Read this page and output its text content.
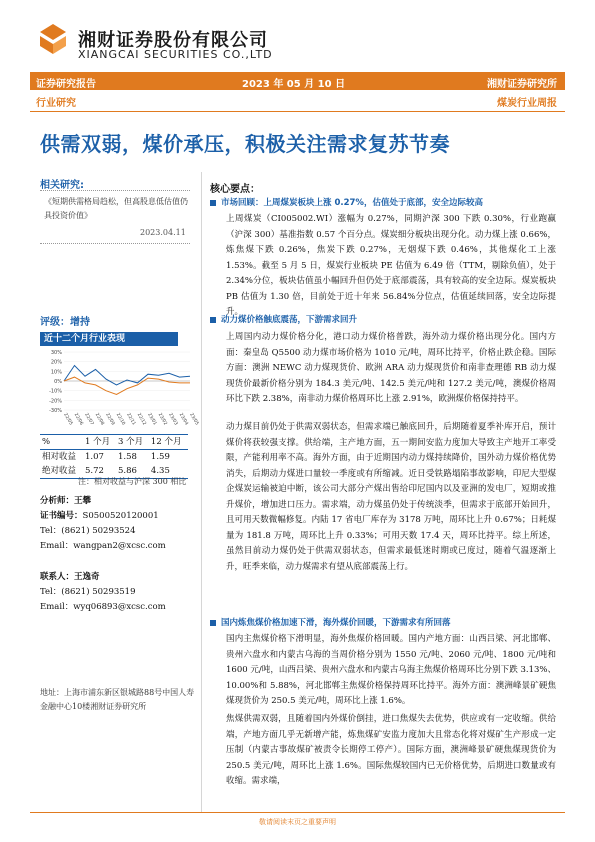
湘财证券股份有限公司
XIANGCAI SECURITIES CO.,LTD
证券研究报告	2023 年 05 月 10 日	湘财证券研究所
行业研究	煤炭行业周报
供需双弱，煤价承压，积极关注需求复苏节奏
相关研究:
《短期供需格局趋松，但高股息低估值仍具投资价值》
2023.04.11
评级：增持
近十二个月行业表现
30%
20%
10%
0%
-10%
-20%
-30%
22/05 22/06 22/07 22/08 22/09 22/10 22/11 22/12 23/01 23/02 23/03 23/04 23/05
%	1 个月	3 个月	12 个月
相对收益	1.07	1.58	1.59
绝对收益	5.72	5.86	4.35
注：相对收益与沪深 300 相比
分析师：王攀
证书编号：S0500520120001
Tel：(8621) 50293524
Email：wangpan2@xcsc.com
联系人：王逸奇
Tel：(8621) 50293519
Email：wyq06893@xcsc.com
地址：上海市浦东新区银城路88号中国人寿金融中心10楼湘财证券研究所
核心要点：
市场回顾：上周煤炭板块上涨 0.27%，估值处于底部，安全边际较高
上周煤炭（CI005002.WI）涨幅为 0.27%，同期沪深 300 下跌 0.30%，行业跑赢（沪深 300）基准指数 0.57 个百分点。煤炭细分板块出现分化。动力煤上涨 0.66%，炼焦煤下跌 0.26%，焦炭下跌 0.27%，无烟煤下跌 0.46%，其他煤化工上涨 1.53%。截至 5 月 5 日，煤炭行业板块 PE 估值为 6.49 倍（TTM，剔除负值），处于 2.34%分位，板块估值虽小幅回升但仍处于底部震荡，具有较高的安全边际。煤炭板块 PB 估值为 1.30 倍，目前处于近十年来 56.84%分位点，估值延续回落，安全边际提升。
动力煤价格触底震荡，下游需求回升
上周国内动力煤价格分化，港口动力煤价格普跌，海外动力煤价格出现分化。国内方面：秦皇岛 Q5500 动力煤市场价格为 1010 元/吨，周环比持平，价格止跌企稳。国际方面：澳洲 NEWC 动力煤现货价、欧洲 ARA 动力煤现货价和南非查理德 RB 动力煤现货价最新价格分别为 184.3 美元/吨、142.5 美元/吨和 127.2 美元/吨，澳煤价格周环比下跌 2.38%，南非动力煤价格周环比上涨 2.91%，欧洲煤价格保持持平。
动力煤目前仍处于供需双弱状态，但需求端已触底回升，后期随着夏季补库开启，预计煤价将获较强支撑。供给端，主产地方面，五一期间安监力度加大导致主产地开工率受限，产能利用率不高。海外方面，由于近期国内动力煤持续降价，国外动力煤价格优势消失，后期动力煤进口量较一季度或有所缩减。近日受铁路塌陷事故影响，印尼大型煤企煤炭运输被迫中断，该公司大部分产煤出售给印尼国内以及亚洲的发电厂，短期或推升煤价，增加进口压力。需求端，动力煤虽仍处于传统淡季，但需求于底部开始回升，且可用天数微幅修复。内陆 17 省电厂库存为 3178 万吨，周环比上升 0.67%；日耗煤量为 181.8 万吨，周环比上升 0.33%；可用天数 17.4 天，周环比持平。综上所述，虽然目前动力煤仍处于供需双弱状态，但需求最低迷时期或已度过，随着气温逐渐上升，旺季来临，动力煤需求有望从底部震荡上行。
国内炼焦煤价格加速下滑，海外煤价回暖，下游需求有所回落
国内主焦煤价格下滑明显，海外焦煤价格回暖。国内产地方面：山西吕梁、河北邯郸、贵州六盘水和内蒙古乌海的当周价格分别为 1550 元/吨、2060 元/吨、1800 元/吨和 1600 元/吨，山西吕梁、贵州六盘水和内蒙古乌海主焦煤价格周环比分别下跌 3.13%、10.00%和 5.88%，河北邯郸主焦煤价格保持周环比持平。海外方面：澳洲峰景矿硬焦煤现货价为 250.5 美元/吨，周环比上涨 1.6%。
焦煤供需双弱，且随着国内外煤价倒挂，进口焦煤失去优势，供应或有一定收缩。供给端，产地方面几乎无新增产能，炼焦煤矿安监力度加大且常态化将对煤矿生产形成一定压制（内蒙古事故煤矿被责令长期停工停产）。国际方面，澳洲峰景矿硬焦煤现货价为 250.5 美元/吨，周环比上涨 1.6%。国际焦煤较国内已无价格优势，后期进口数量或有收缩。需求端，
敬请阅读末页之重要声明
